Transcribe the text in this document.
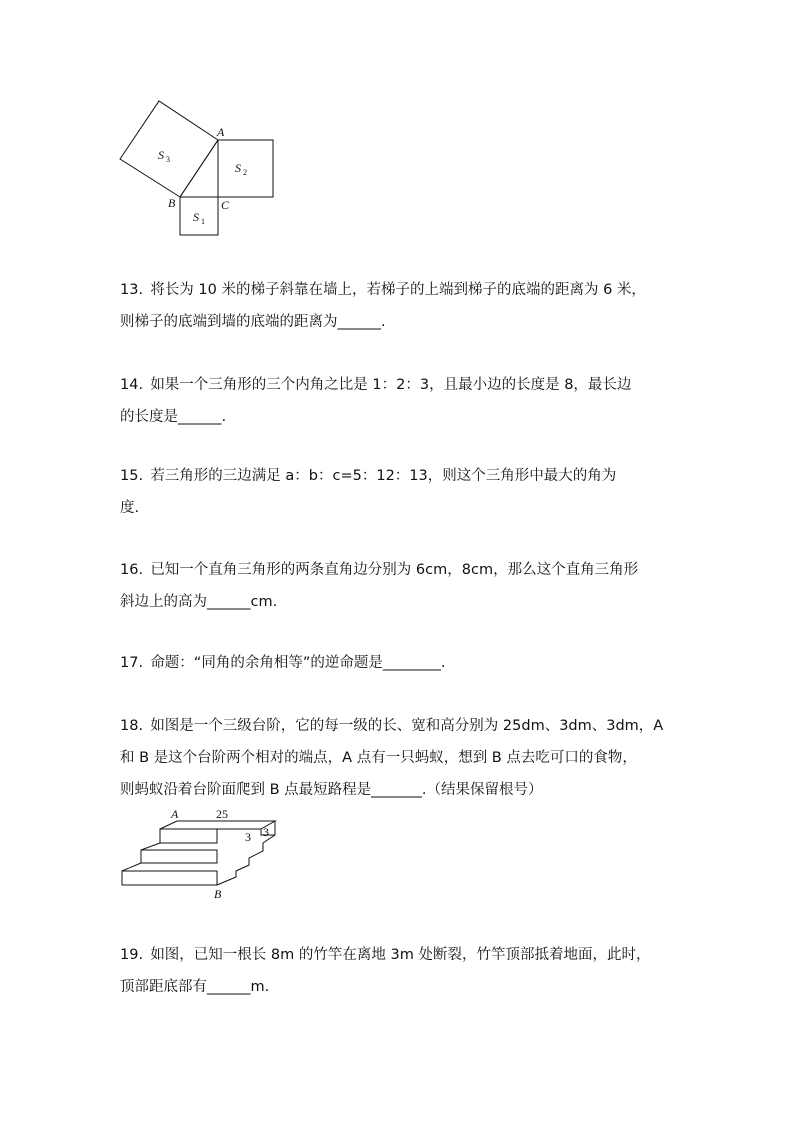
A
B	C
S 3
S 2
S 1

13.  将长为 10 米的梯子斜靠在墙上，若梯子的上端到梯子的底端的距离为 6 米，

则梯子的底端到墙的底端的距离为______.

14.  如果一个三角形的三个内角之比是 1：2：3，且最小边的长度是 8，最长边

的长度是______.

15.  若三角形的三边满足 a：b：c=5：12：13，则这个三角形中最大的角为

度.

16.  已知一个直角三角形的两条直角边分别为 6cm，8cm，那么这个直角三角形

斜边上的高为______cm.

17.  命题：“同角的余角相等”的逆命题是________.

18.  如图是一个三级台阶，它的每一级的长、宽和高分别为 25dm、3dm、3dm，A

和 B 是这个台阶两个相对的端点，A 点有一只蚂蚁，想到 B 点去吃可口的食物，

则蚂蚁沿着台阶面爬到 B 点最短路程是_______.（结果保留根号）

A	25
3 3
B

19.  如图，已知一根长 8m 的竹竿在离地 3m 处断裂，竹竿顶部抵着地面，此时，

顶部距底部有______m.
